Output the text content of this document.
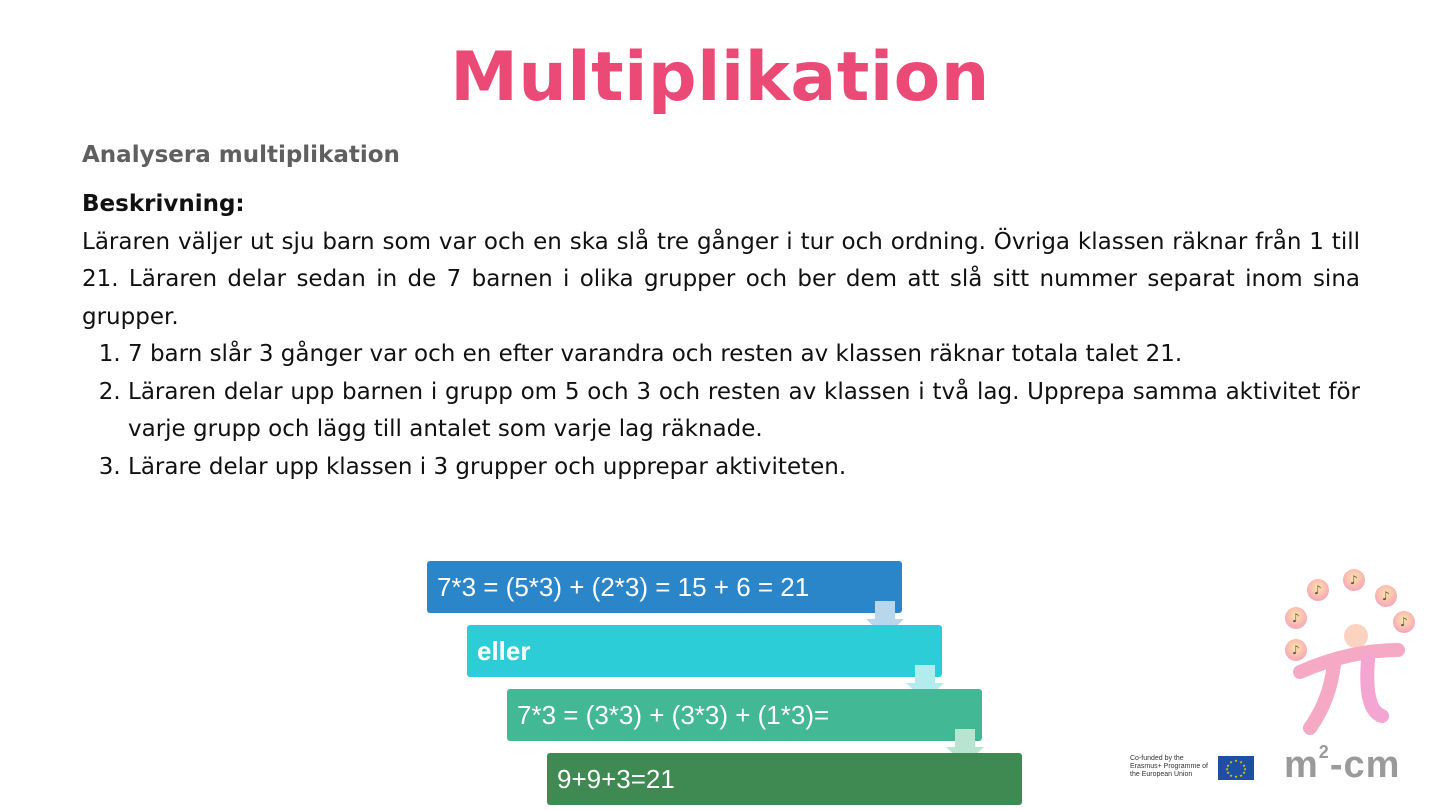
Multiplikation
Analysera multiplikation
Beskrivning:

Läraren väljer ut sju barn som var och en ska slå tre gånger i tur och ordning. Övriga klassen räknar från 1 till 21. Läraren delar sedan in de 7 barnen i olika grupper och ber dem att slå sitt nummer separat inom sina grupper.

1. 7 barn slår 3 gånger var och en efter varandra och resten av klassen räknar totala talet 21.
2. Läraren delar upp barnen i grupp om 5 och 3 och resten av klassen i två lag. Upprepa samma aktivitet för varje grupp och lägg till antalet som varje lag räknade.
3. Lärare delar upp klassen i 3 grupper och upprepar aktiviteten.
7*3 = (5*3) + (2*3) = 15 + 6 = 21
eller
7*3 = (3*3) + (3*3) + (1*3)=
9+9+3=21
♪
♪
♪
♪	♪
♪
Co-funded by the Erasmus+ Programme of the European Union
★ ★
★
★
★
★
★
★
★
★
★
★ $m^2-cm$
